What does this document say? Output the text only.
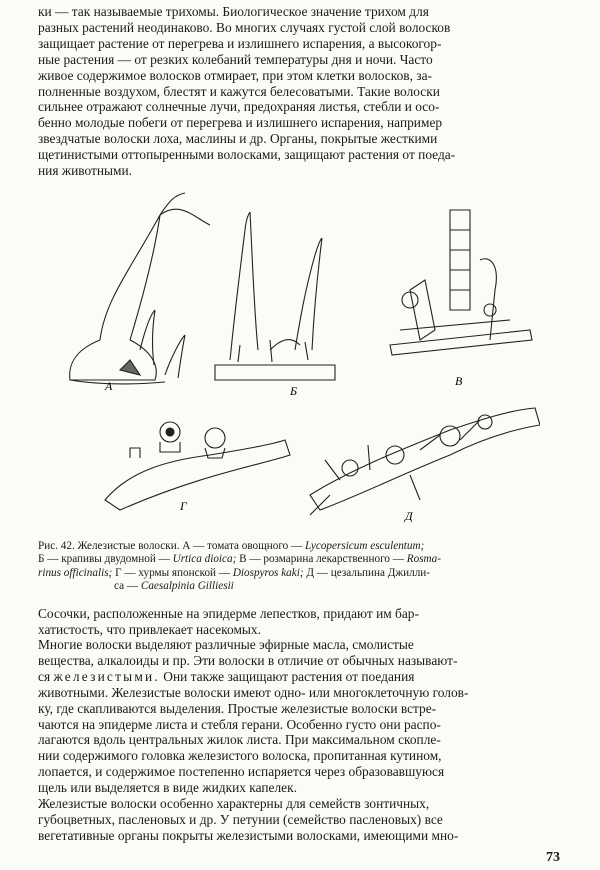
ки — так называемые трихомы. Биологическое значение трихом для
разных растений неодинаково. Во многих случаях густой слой волосков
защищает растение от перегрева и излишнего испарения, а высокогор-
ные растения — от резких колебаний температуры дня и ночи. Часто
живое содержимое волосков отмирает, при этом клетки волосков, за-
полненные воздухом, блестят и кажутся белесоватыми. Такие волоски
сильнее отражают солнечные лучи, предохраняя листья, стебли и осо-
бенно молодые побеги от перегрева и излишнего испарения, например
звездчатые волоски лоха, маслины и др. Органы, покрытые жесткими
щетинистыми оттопыренными волосками, защищают растения от поеда-
ния животными.
А	Б
В
Г
Д
Рис. 42. Железистые волоски. А — томата овощного — Lycopersicum esculentum;
Б — крапивы двудомной — Urtica dioica; В — розмарина лекарственного — Rosma-
rinus officinalis; Г — хурмы японской — Diospyros kaki; Д — цезальпина Джилли-
са — Caesalpinia Gilliesii
Сосочки, расположенные на эпидерме лепестков, придают им бар-
хатистость, что привлекает насекомых.
Многие волоски выделяют различные эфирные масла, смолистые
вещества, алкалоиды и пр. Эти волоски в отличие от обычных называют-
ся железистыми. Они также защищают растения от поедания
животными. Железистые волоски имеют одно- или многоклеточную голов-
ку, где скапливаются выделения. Простые железистые волоски встре-
чаются на эпидерме листа и стебля герани. Особенно густо они распо-
лагаются вдоль центральных жилок листа. При максимальном скопле-
нии содержимого головка железистого волоска, пропитанная кутином,
лопается, и содержимое постепенно испаряется через образовавшуюся
щель или выделяется в виде жидких капелек.
Железистые волоски особенно характерны для семейств зонтичных,
губоцветных, пасленовых и др. У петунии (семейство пасленовых) все
вегетативные органы покрыты железистыми волосками, имеющими мно-
73
